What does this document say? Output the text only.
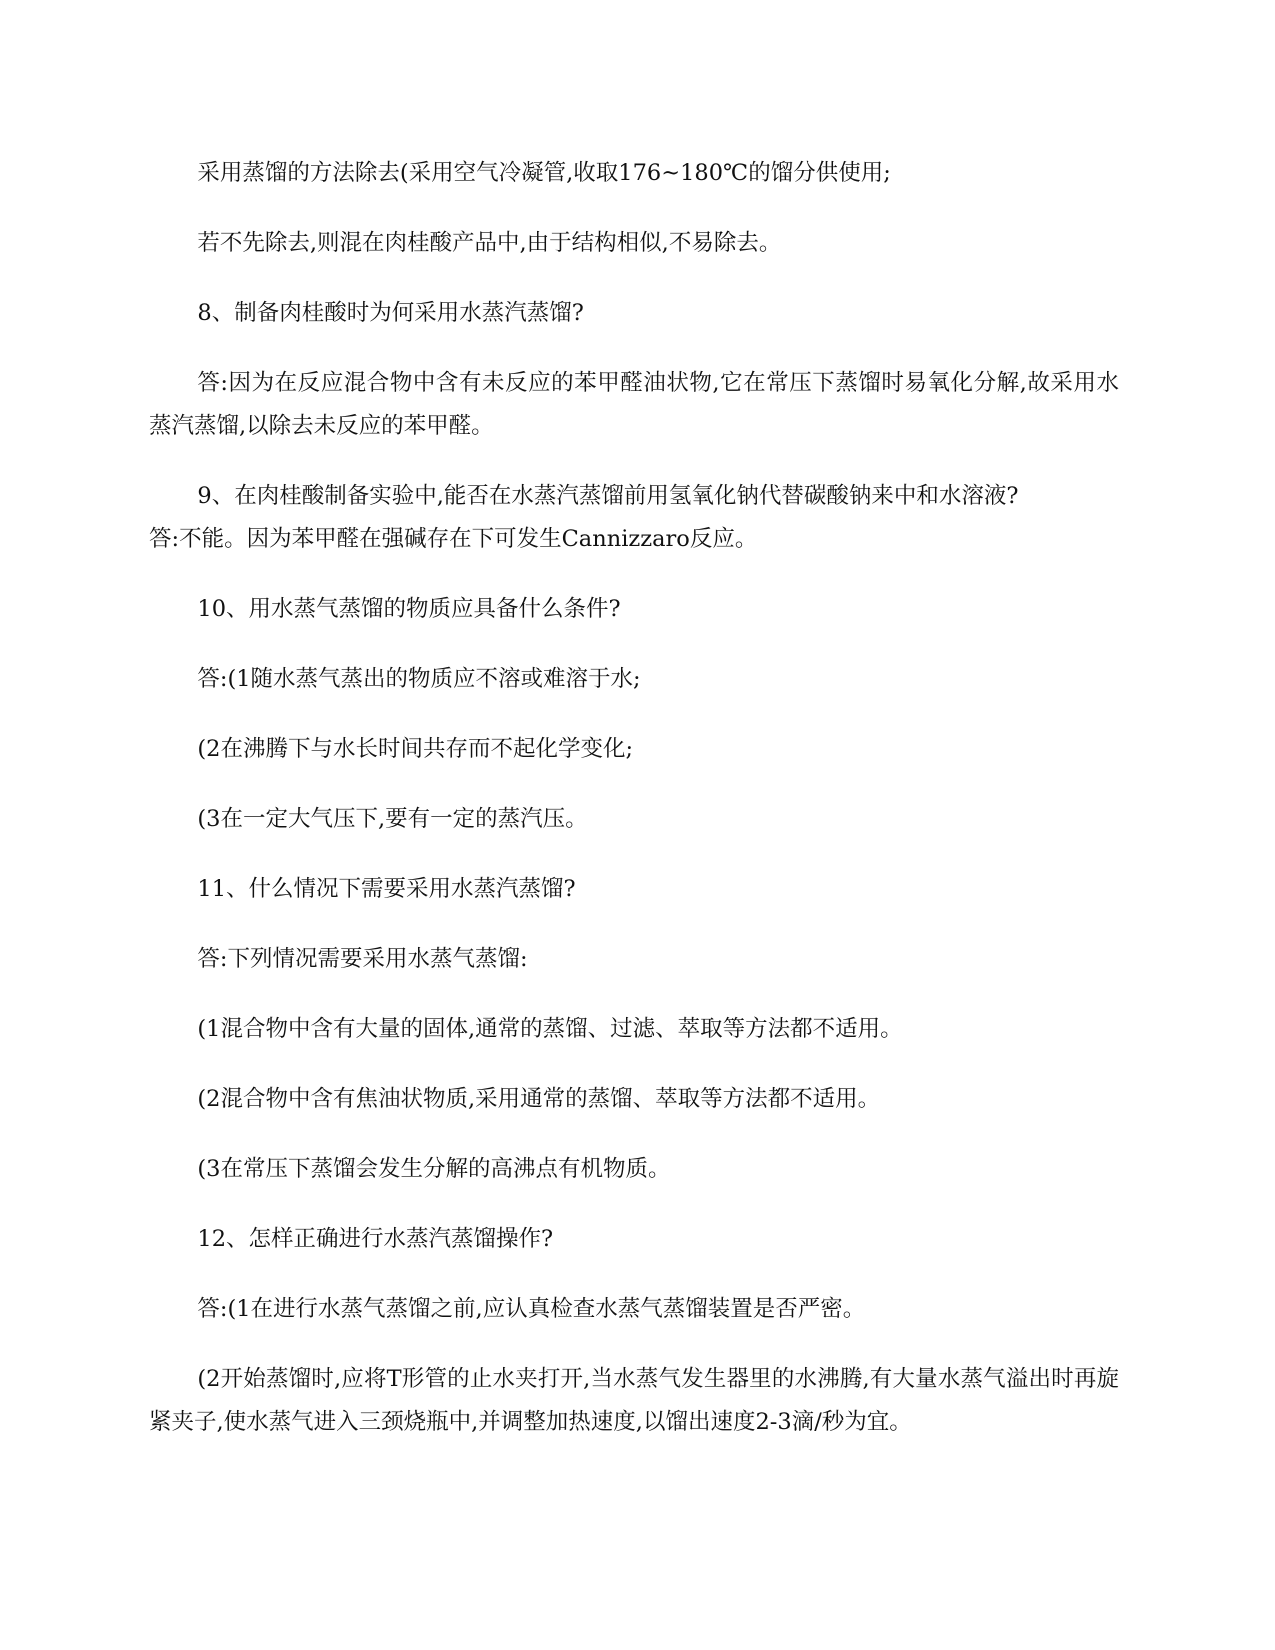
采用蒸馏的方法除去(采用空气冷凝管,收取176~180℃的馏分供使用;

若不先除去,则混在肉桂酸产品中,由于结构相似,不易除去。

8、制备肉桂酸时为何采用水蒸汽蒸馏?

答:因为在反应混合物中含有未反应的苯甲醛油状物,它在常压下蒸馏时易氧化分解,故采用水蒸汽蒸馏,以除去未反应的苯甲醛。

9、在肉桂酸制备实验中,能否在水蒸汽蒸馏前用氢氧化钠代替碳酸钠来中和水溶液?

答:不能。因为苯甲醛在强碱存在下可发生Cannizzaro反应。

10、用水蒸气蒸馏的物质应具备什么条件?

答:(1随水蒸气蒸出的物质应不溶或难溶于水;

(2在沸腾下与水长时间共存而不起化学变化;

(3在一定大气压下,要有一定的蒸汽压。

11、什么情况下需要采用水蒸汽蒸馏?

答:下列情况需要采用水蒸气蒸馏:

(1混合物中含有大量的固体,通常的蒸馏、过滤、萃取等方法都不适用。

(2混合物中含有焦油状物质,采用通常的蒸馏、萃取等方法都不适用。

(3在常压下蒸馏会发生分解的高沸点有机物质。

12、怎样正确进行水蒸汽蒸馏操作?

答:(1在进行水蒸气蒸馏之前,应认真检查水蒸气蒸馏装置是否严密。

(2开始蒸馏时,应将T形管的止水夹打开,当水蒸气发生器里的水沸腾,有大量水蒸气溢出时再旋紧夹子,使水蒸气进入三颈烧瓶中,并调整加热速度,以馏出速度2-3滴/秒为宜。
